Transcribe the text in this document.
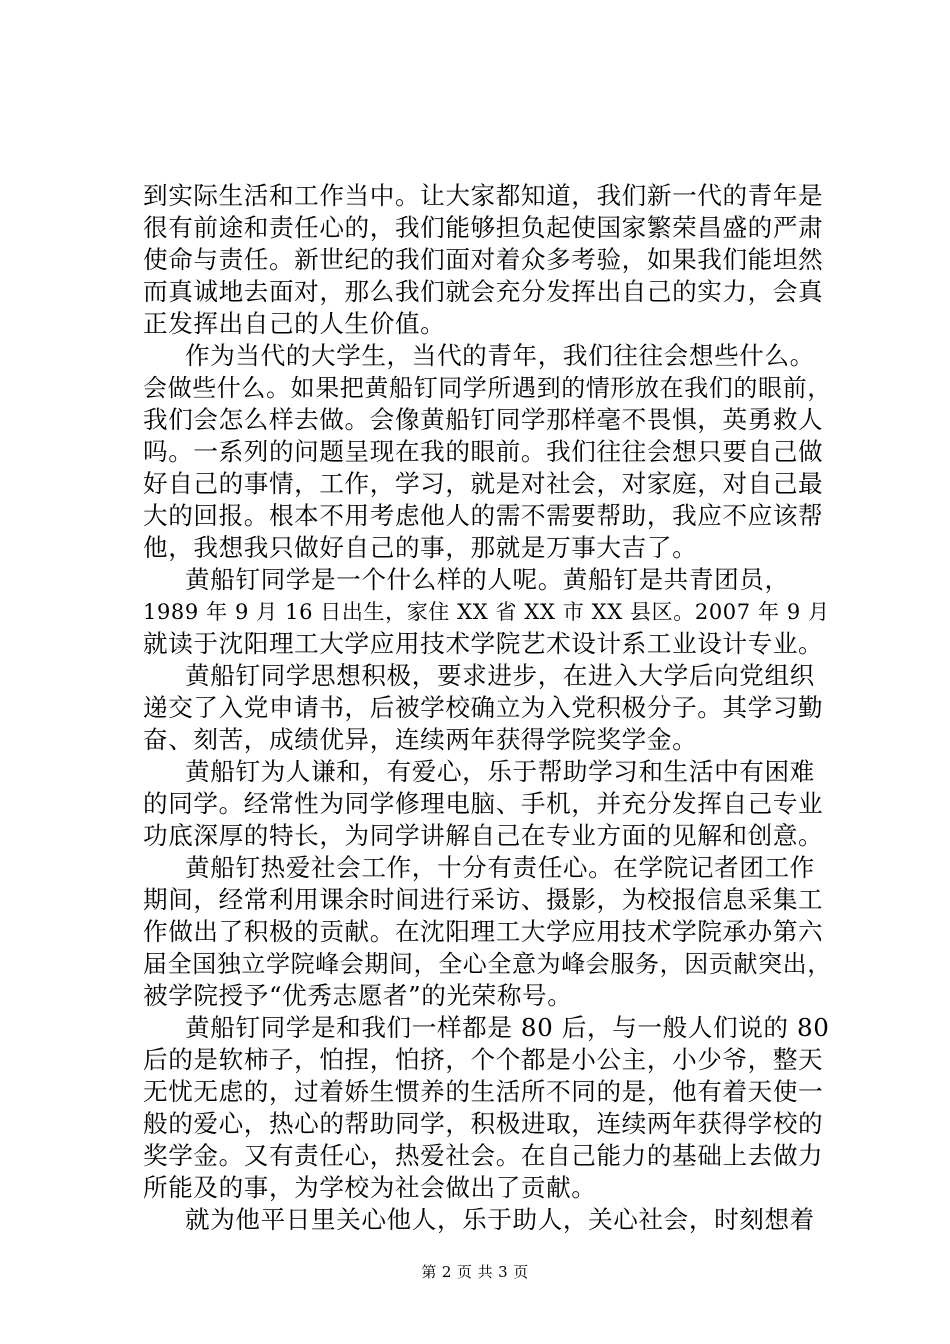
到实际生活和工作当中。让大家都知道，我们新一代的青年是
很有前途和责任心的，我们能够担负起使国家繁荣昌盛的严肃
使命与责任。新世纪的我们面对着众多考验，如果我们能坦然
而真诚地去面对，那么我们就会充分发挥出自己的实力，会真
正发挥出自己的人生价值。
作为当代的大学生，当代的青年，我们往往会想些什么。
会做些什么。如果把黄船钉同学所遇到的情形放在我们的眼前，
我们会怎么样去做。会像黄船钉同学那样毫不畏惧，英勇救人
吗。一系列的问题呈现在我的眼前。我们往往会想只要自己做
好自己的事情，工作，学习，就是对社会，对家庭，对自己最
大的回报。根本不用考虑他人的需不需要帮助，我应不应该帮
他，我想我只做好自己的事，那就是万事大吉了。
黄船钉同学是一个什么样的人呢。黄船钉是共青团员，
1989 年 9 月 16 日出生，家住 XX 省 XX 市 XX 县区。2007 年 9 月
就读于沈阳理工大学应用技术学院艺术设计系工业设计专业。
黄船钉同学思想积极，要求进步，在进入大学后向党组织
递交了入党申请书，后被学校确立为入党积极分子。其学习勤
奋、刻苦，成绩优异，连续两年获得学院奖学金。
黄船钉为人谦和，有爱心，乐于帮助学习和生活中有困难
的同学。经常性为同学修理电脑、手机，并充分发挥自己专业
功底深厚的特长，为同学讲解自己在专业方面的见解和创意。
黄船钉热爱社会工作，十分有责任心。在学院记者团工作
期间，经常利用课余时间进行采访、摄影，为校报信息采集工
作做出了积极的贡献。在沈阳理工大学应用技术学院承办第六
届全国独立学院峰会期间，全心全意为峰会服务，因贡献突出，
被学院授予“优秀志愿者”的光荣称号。
黄船钉同学是和我们一样都是 80 后，与一般人们说的 80
后的是软柿子，怕捏，怕挤，个个都是小公主，小少爷，整天
无忧无虑的，过着娇生惯养的生活所不同的是，他有着天使一
般的爱心，热心的帮助同学，积极进取，连续两年获得学校的
奖学金。又有责任心，热爱社会。在自己能力的基础上去做力
所能及的事，为学校为社会做出了贡献。
就为他平日里关心他人，乐于助人，关心社会，时刻想着
第 2 页 共 3 页
